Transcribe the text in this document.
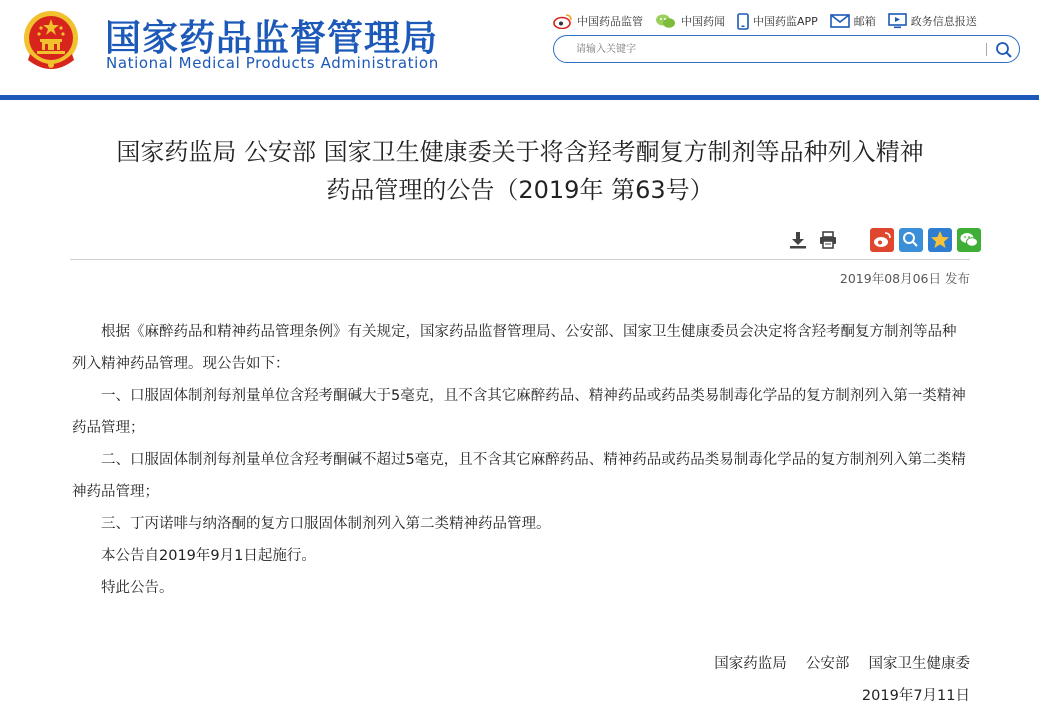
国家药品监督管理局
National Medical Products Administration
中国药品监管	中国药闻	中国药监APP	邮箱	政务信息报送
请输入关键字
国家药监局 公安部 国家卫生健康委关于将含羟考酮复方制剂等品种列入精神
药品管理的公告（2019年 第63号）
2019年08月06日 发布

根据《麻醉药品和精神药品管理条例》有关规定，国家药品监督管理局、公安部、国家卫生健康委员会决定将含羟考酮复方制剂等品种列入精神药品管理。现公告如下：

一、口服固体制剂每剂量单位含羟考酮碱大于5毫克，且不含其它麻醉药品、精神药品或药品类易制毒化学品的复方制剂列入第一类精神药品管理；

二、口服固体制剂每剂量单位含羟考酮碱不超过5毫克，且不含其它麻醉药品、精神药品或药品类易制毒化学品的复方制剂列入第二类精神药品管理；

三、丁丙诺啡与纳洛酮的复方口服固体制剂列入第二类精神药品管理。

本公告自2019年9月1日起施行。

特此公告。

国家药监局　 公安部　 国家卫生健康委
2019年7月11日
